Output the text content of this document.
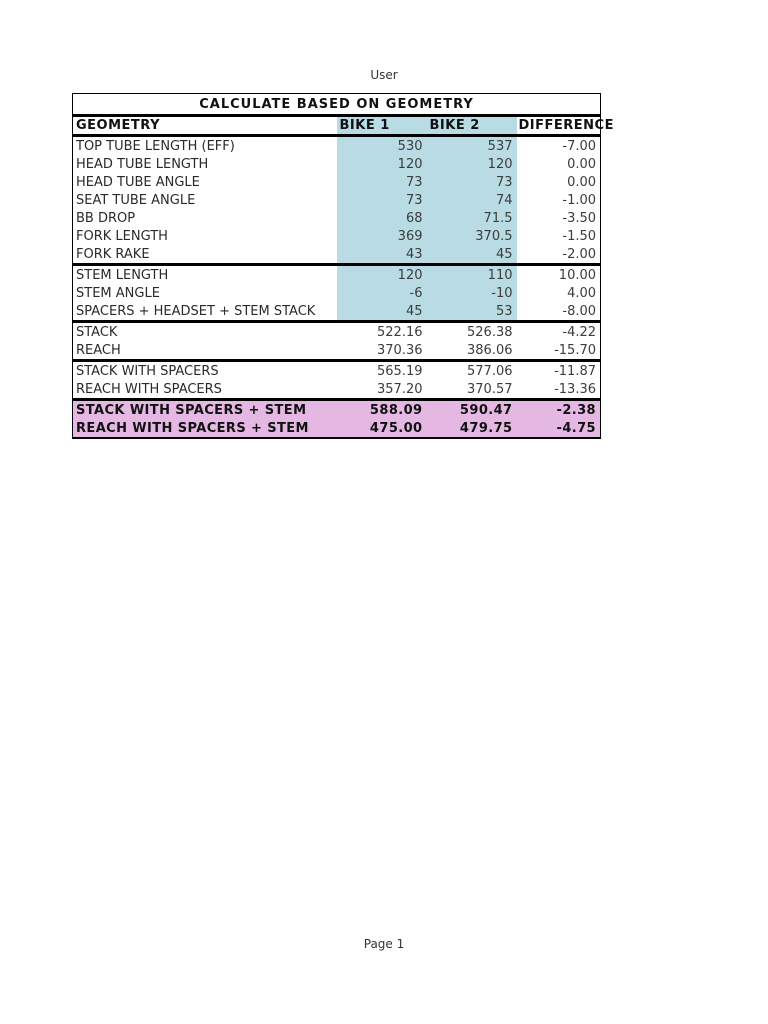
User
CALCULATE BASED ON GEOMETRY			
GEOMETRY	BIKE 1	BIKE 2	DIFFERENCE
TOP TUBE LENGTH (EFF)	530	537	-7.00
HEAD TUBE LENGTH	120	120	0.00
HEAD TUBE ANGLE	73	73	0.00
SEAT TUBE ANGLE	73	74	-1.00
BB DROP	68	71.5	-3.50
FORK LENGTH	369	370.5	-1.50
FORK RAKE	43	45	-2.00
STEM LENGTH	120	110	10.00
STEM ANGLE	-6	-10	4.00
SPACERS + HEADSET + STEM STACK	45	53	-8.00
STACK	522.16	526.38	-4.22
REACH	370.36	386.06	-15.70
STACK WITH SPACERS	565.19	577.06	-11.87
REACH WITH SPACERS	357.20	370.57	-13.36
STACK WITH SPACERS + STEM	588.09	590.47	-2.38
REACH WITH SPACERS + STEM	475.00	479.75	-4.75
Page 1
